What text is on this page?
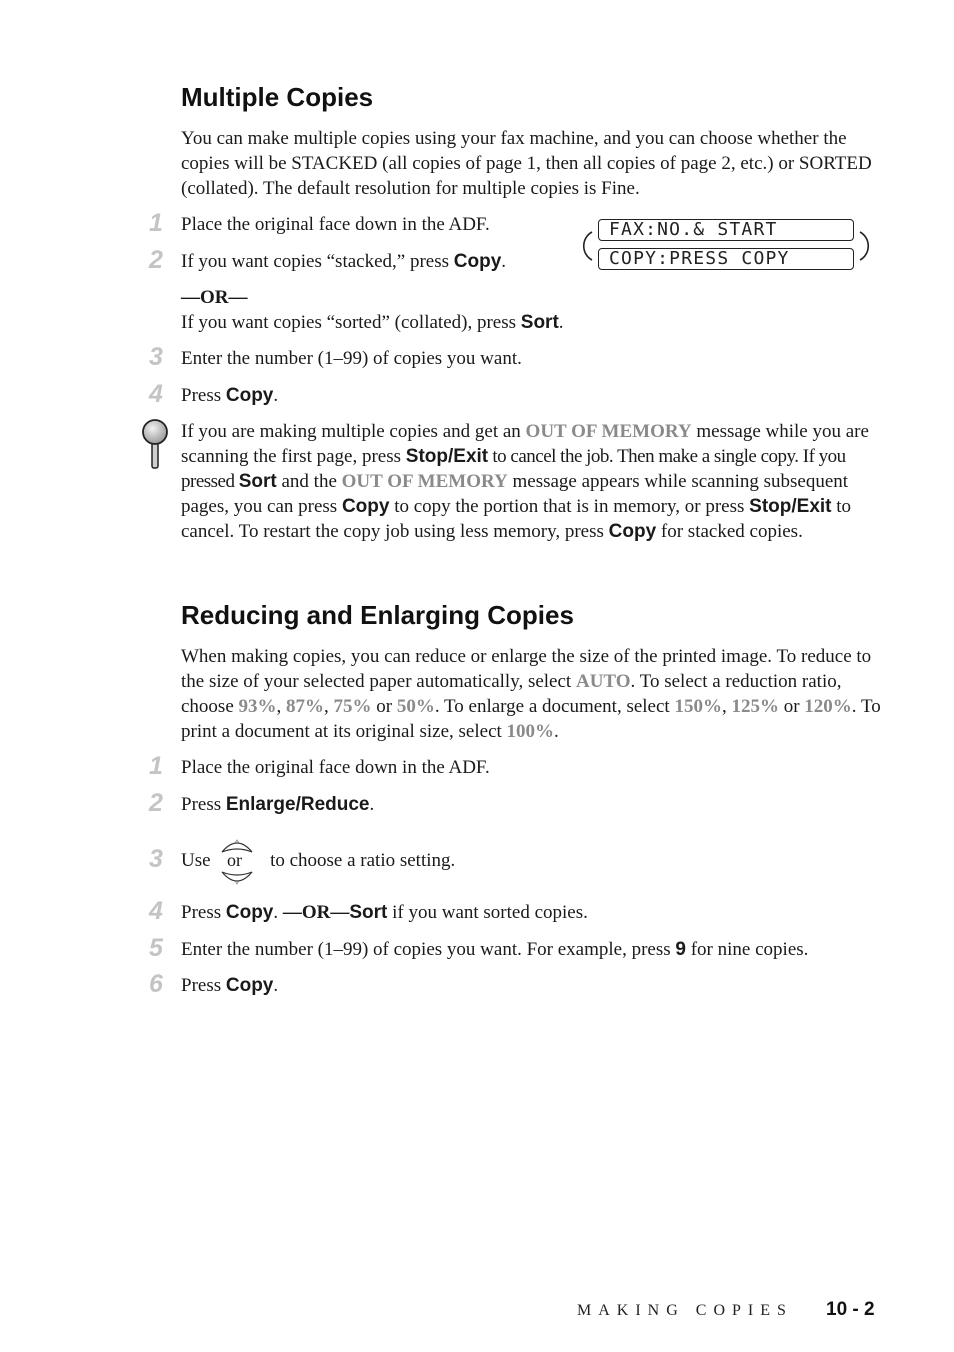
Multiple Copies
You can make multiple copies using your fax machine, and you can choose whether the copies will be STACKED (all copies of page 1, then all copies of page 2, etc.) or SORTED (collated). The default resolution for multiple copies is Fine.
1 Place the original face down in the ADF.
2 If you want copies “stacked,” press Copy.
FAX:NO.& START
COPY:PRESS COPY
—OR—
If you want copies “sorted” (collated), press Sort.
3 Enter the number (1–99) of copies you want.
4 Press Copy.
If you are making multiple copies and get an OUT OF MEMORY message while you are scanning the first page, press Stop/Exit to cancel the job. Then make a single copy. If you pressed Sort and the OUT OF MEMORY message appears while scanning subsequent pages, you can press Copy to copy the portion that is in memory, or press Stop/Exit to cancel. To restart the copy job using less memory, press Copy for stacked copies.
Reducing and Enlarging Copies
When making copies, you can reduce or enlarge the size of the printed image. To reduce to the size of your selected paper automatically, select AUTO. To select a reduction ratio, choose 93%, 87%, 75% or 50%. To enlarge a document, select 150%, 125% or 120%. To print a document at its original size, select 100%.
1 Place the original face down in the ADF.
2 Press Enlarge/Reduce.
3 Use	to choose a ratio setting.
or
4 Press Copy. —OR—Sort if you want sorted copies.
5 Enter the number (1–99) of copies you want. For example, press 9 for nine copies.
6 Press Copy.
MAKING COPIES 10 - 2
